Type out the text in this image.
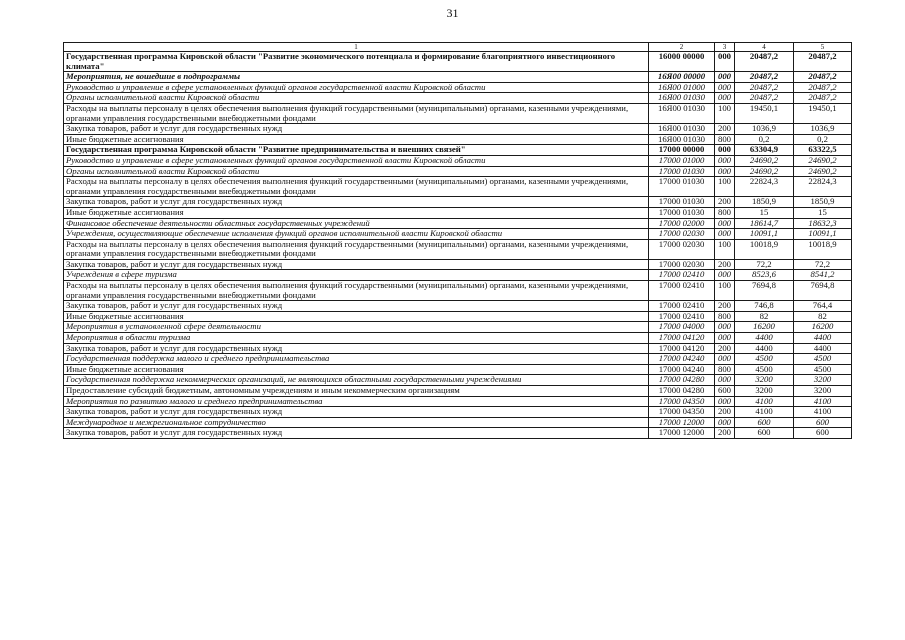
31
1	2	3	4	5
Государственная программа Кировской области "Развитие экономического потенциала и формирование благоприятного инвестиционного климата"	16000 00000	000	20487,2	20487,2
Мероприятия, не вошедшие в подпрограммы	16Я00 00000	000	20487,2	20487,2
Руководство и управление в сфере установленных функций органов государственной власти Кировской области	16Я00 01000	000	20487,2	20487,2
Органы исполнительной власти Кировской области	16Я00 01030	000	20487,2	20487,2
Расходы на выплаты персоналу в целях обеспечения выполнения функций государственными (муниципальными) органами, казенными учреждениями, органами управления государственными внебюджетными фондами	16Я00 01030	100	19450,1	19450,1
Закупка товаров, работ и услуг для государственных нужд	16Я00 01030	200	1036,9	1036,9
Иные бюджетные ассигнования	16Я00 01030	800	0,2	0,2
Государственная программа Кировской области "Развитие предпринимательства и внешних связей"	17000 00000	000	63304,9	63322,5
Руководство и управление в сфере установленных функций органов государственной власти Кировской области	17000 01000	000	24690,2	24690,2
Органы исполнительной власти Кировской области	17000 01030	000	24690,2	24690,2
Расходы на выплаты персоналу в целях обеспечения выполнения функций государственными (муниципальными) органами, казенными учреждениями, органами управления государственными внебюджетными фондами	17000 01030	100	22824,3	22824,3
Закупка товаров, работ и услуг для государственных нужд	17000 01030	200	1850,9	1850,9
Иные бюджетные ассигнования	17000 01030	800	15	15
Финансовое обеспечение деятельности областных государственных учреждений	17000 02000	000	18614,7	18632,3
Учреждения, осуществляющие обеспечение исполнения функций органов исполнительной власти Кировской области	17000 02030	000	10091,1	10091,1
Расходы на выплаты персоналу в целях обеспечения выполнения функций государственными (муниципальными) органами, казенными учреждениями, органами управления государственными внебюджетными фондами	17000 02030	100	10018,9	10018,9
Закупка товаров, работ и услуг для государственных нужд	17000 02030	200	72,2	72,2
Учреждения в сфере туризма	17000 02410	000	8523,6	8541,2
Расходы на выплаты персоналу в целях обеспечения выполнения функций государственными (муниципальными) органами, казенными учреждениями, органами управления государственными внебюджетными фондами	17000 02410	100	7694,8	7694,8
Закупка товаров, работ и услуг для государственных нужд	17000 02410	200	746,8	764,4
Иные бюджетные ассигнования	17000 02410	800	82	82
Мероприятия в установленной сфере деятельности	17000 04000	000	16200	16200
Мероприятия в области туризма	17000 04120	000	4400	4400
Закупка товаров, работ и услуг для государственных нужд	17000 04120	200	4400	4400
Государственная поддержка малого и среднего предпринимательства	17000 04240	000	4500	4500
Иные бюджетные ассигнования	17000 04240	800	4500	4500
Государственная поддержка некоммерческих организаций, не являющихся областными государственными учреждениями	17000 04280	000	3200	3200
Предоставление субсидий бюджетным, автономным учреждениям и иным некоммерческим организациям	17000 04280	600	3200	3200
Мероприятия по развитию малого и среднего предпринимательства	17000 04350	000	4100	4100
Закупка товаров, работ и услуг для государственных нужд	17000 04350	200	4100	4100
Международное и межрегиональное сотрудничество	17000 12000	000	600	600
Закупка товаров, работ и услуг для государственных нужд	17000 12000	200	600	600
